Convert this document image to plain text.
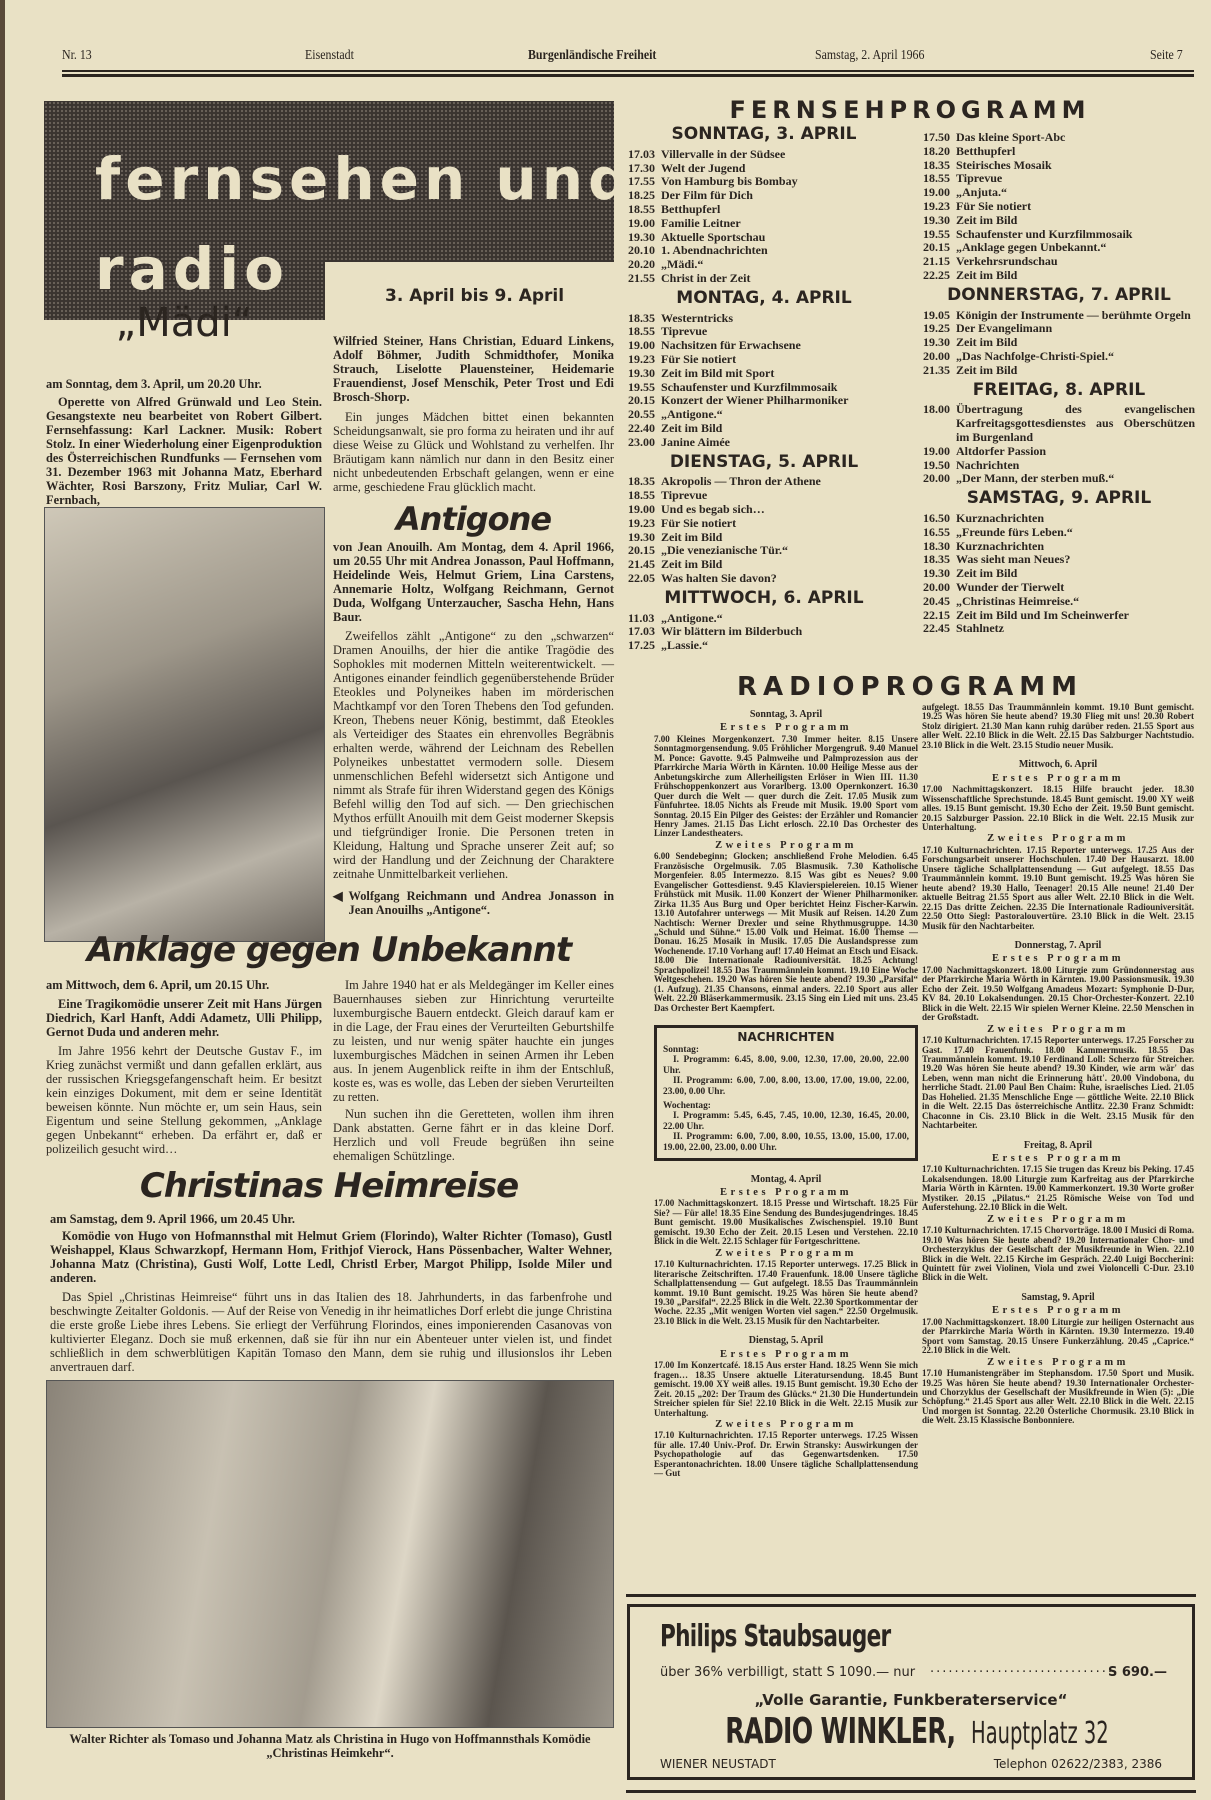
Nr. 13	Eisenstadt	Burgenländische Freiheit	Samstag, 2. April 1966	Seite 7
fernsehen und
radio	3. April bis 9. April
„Mädi“
am Sonntag, dem 3. April, um 20.20 Uhr.

Operette von Alfred Grünwald und Leo Stein. Gesangstexte neu bearbeitet von Robert Gilbert. Fernsehfassung: Karl Lackner. Musik: Robert Stolz. In einer Wiederholung einer Eigenproduktion des Österreichischen Rundfunks — Fernsehen vom 31. Dezember 1963 mit Johanna Matz, Eberhard Wächter, Rosi Barszony, Fritz Muliar, Carl W. Fernbach,

Wilfried Steiner, Hans Christian, Eduard Linkens, Adolf Böhmer, Judith Schmidthofer, Monika Strauch, Liselotte Plauensteiner, Heidemarie Frauendienst, Josef Menschik, Peter Trost und Edi Brosch-Shorp.

Ein junges Mädchen bittet einen bekannten Scheidungsanwalt, sie pro forma zu heiraten und ihr auf diese Weise zu Glück und Wohlstand zu verhelfen. Ihr Bräutigam kann nämlich nur dann in den Besitz einer nicht unbedeutenden Erbschaft gelangen, wenn er eine arme, geschiedene Frau glücklich macht.

Antigone
von Jean Anouilh. Am Montag, dem 4. April 1966, um 20.55 Uhr mit Andrea Jonasson, Paul Hoffmann, Heidelinde Weis, Helmut Griem, Lina Carstens, Annemarie Holtz, Wolfgang Reichmann, Gernot Duda, Wolfgang Unterzaucher, Sascha Hehn, Hans Baur.

Zweifellos zählt „Antigone“ zu den „schwarzen“ Dramen Anouilhs, der hier die antike Tragödie des Sophokles mit modernen Mitteln weiterentwickelt. — Antigones einander feindlich gegenüberstehende Brüder Eteokles und Polyneikes haben im mörderischen Machtkampf vor den Toren Thebens den Tod gefunden. Kreon, Thebens neuer König, bestimmt, daß Eteokles als Verteidiger des Staates ein ehrenvolles Begräbnis erhalten werde, während der Leichnam des Rebellen Polyneikes unbestattet vermodern solle. Diesem unmenschlichen Befehl widersetzt sich Antigone und nimmt als Strafe für ihren Widerstand gegen des Königs Befehl willig den Tod auf sich. — Den griechischen Mythos erfüllt Anouilh mit dem Geist moderner Skepsis und tiefgründiger Ironie. Die Personen treten in Kleidung, Haltung und Sprache unserer Zeit auf; so wird der Handlung und der Zeichnung der Charaktere zeitnahe Unmittelbarkeit verliehen.

◀ Wolfgang Reichmann und Andrea Jonasson in Jean Anouilhs „Antigone“.
Anklage gegen Unbekannt
am Mittwoch, dem 6. April, um 20.15 Uhr.

Eine Tragikomödie unserer Zeit mit Hans Jürgen Diedrich, Karl Hanft, Addi Adametz, Ulli Philipp, Gernot Duda und anderen mehr.

Im Jahre 1956 kehrt der Deutsche Gustav F., im Krieg zunächst vermißt und dann gefallen erklärt, aus der russischen Kriegsgefangenschaft heim. Er besitzt kein einziges Dokument, mit dem er seine Identität beweisen könnte. Nun möchte er, um sein Haus, sein Eigentum und seine Stellung gekommen, „Anklage gegen Unbekannt“ erheben. Da erfährt er, daß er polizeilich gesucht wird…

Im Jahre 1940 hat er als Meldegänger im Keller eines Bauernhauses sieben zur Hinrichtung verurteilte luxemburgische Bauern entdeckt. Gleich darauf kam er in die Lage, der Frau eines der Verurteilten Geburtshilfe zu leisten, und nur wenig später hauchte ein junges luxemburgisches Mädchen in seinen Armen ihr Leben aus. In jenem Augenblick reifte in ihm der Entschluß, koste es, was es wolle, das Leben der sieben Verurteilten zu retten.

Nun suchen ihn die Geretteten, wollen ihm ihren Dank abstatten. Gerne fährt er in das kleine Dorf. Herzlich und voll Freude begrüßen ihn seine ehemaligen Schützlinge.

Christinas Heimreise
am Samstag, dem 9. April 1966, um 20.45 Uhr.

Komödie von Hugo von Hofmannsthal mit Helmut Griem (Florindo), Walter Richter (Tomaso), Gustl Weishappel, Klaus Schwarzkopf, Hermann Hom, Frithjof Vierock, Hans Pössenbacher, Walter Wehner, Johanna Matz (Christina), Gusti Wolf, Lotte Ledl, Christl Erber, Margot Philipp, Isolde Miler und anderen.

Das Spiel „Christinas Heimreise“ führt uns in das Italien des 18. Jahrhunderts, in das farbenfrohe und beschwingte Zeitalter Goldonis. — Auf der Reise von Venedig in ihr heimatliches Dorf erlebt die junge Christina die erste große Liebe ihres Lebens. Sie erliegt der Verführung Florindos, eines imponierenden Casanovas von kultivierter Eleganz. Doch sie muß erkennen, daß sie für ihn nur ein Abenteuer unter vielen ist, und findet schließlich in dem schwerblütigen Kapitän Tomaso den Mann, dem sie ruhig und illusionslos ihr Leben anvertrauen darf.

Walter Richter als Tomaso und Johanna Matz als Christina in Hugo von Hoffmannsthals Komödie „Christinas Heimkehr“.
FERNSEHPROGRAMM
SONNTAG, 3. APRIL
17.03 Villervalle in der Südsee
17.30 Welt der Jugend
17.55 Von Hamburg bis Bombay
18.25 Der Film für Dich
18.55 Betthupferl
19.00 Familie Leitner
19.30 Aktuelle Sportschau
20.10 1. Abendnachrichten
20.20 „Mädi.“
21.55 Christ in der Zeit
MONTAG, 4. APRIL
18.35 Westerntricks
18.55 Tiprevue
19.00 Nachsitzen für Erwachsene
19.23 Für Sie notiert
19.30 Zeit im Bild mit Sport
19.55 Schaufenster und Kurzfilmmosaik
20.15 Konzert der Wiener Philharmoniker
20.55 „Antigone.“
22.40 Zeit im Bild
23.00 Janine Aimée
DIENSTAG, 5. APRIL
18.35 Akropolis — Thron der Athene
18.55 Tiprevue
19.00 Und es begab sich…
19.23 Für Sie notiert
19.30 Zeit im Bild
20.15 „Die venezianische Tür.“
21.45 Zeit im Bild
22.05 Was halten Sie davon?
MITTWOCH, 6. APRIL
11.03 „Antigone.“
17.03 Wir blättern im Bilderbuch
17.25 „Lassie.“
17.50 Das kleine Sport-Abc
18.20 Betthupferl
18.35 Steirisches Mosaik
18.55 Tiprevue
19.00 „Anjuta.“
19.23 Für Sie notiert
19.30 Zeit im Bild
19.55 Schaufenster und Kurzfilmmosaik
20.15 „Anklage gegen Unbekannt.“
21.15 Verkehrsrundschau
22.25 Zeit im Bild
DONNERSTAG, 7. APRIL
19.05 Königin der Instrumente — berühmte Orgeln
19.25 Der Evangelimann
19.30 Zeit im Bild
20.00 „Das Nachfolge-Christi-Spiel.“
21.35 Zeit im Bild
FREITAG, 8. APRIL
18.00 Übertragung des evangelischen Karfreitagsgottesdienstes aus Oberschützen im Burgenland
19.00 Altdorfer Passion
19.50 Nachrichten
20.00 „Der Mann, der sterben muß.“
SAMSTAG, 9. APRIL
16.50 Kurznachrichten
16.55 „Freunde fürs Leben.“
18.30 Kurznachrichten
18.35 Was sieht man Neues?
19.30 Zeit im Bild
20.00 Wunder der Tierwelt
20.45 „Christinas Heimreise.“
22.15 Zeit im Bild und Im Scheinwerfer
22.45 Stahlnetz
RADIOPROGRAMM
Sonntag, 3. April
Erstes Programm
7.00 Kleines Morgenkonzert. 7.30 Immer heiter. 8.15 Unsere Sonntagmorgensendung. 9.05 Fröhlicher Morgengruß. 9.40 Manuel M. Ponce: Gavotte. 9.45 Palmweihe und Palmprozession aus der Pfarrkirche Maria Wörth in Kärnten. 10.00 Heilige Messe aus der Anbetungskirche zum Allerheiligsten Erlöser in Wien III. 11.30 Frühschoppenkonzert aus Vorarlberg. 13.00 Opernkonzert. 16.30 Quer durch die Welt — quer durch die Zeit. 17.05 Musik zum Fünfuhrtee. 18.05 Nichts als Freude mit Musik. 19.00 Sport vom Sonntag. 20.15 Ein Pilger des Geistes: der Erzähler und Romancier Henry James. 21.15 Das Licht erlosch. 22.10 Das Orchester des Linzer Landestheaters.
Zweites Programm
6.00 Sendebeginn; Glocken; anschließend Frohe Melodien. 6.45 Französische Orgelmusik. 7.05 Blasmusik. 7.30 Katholische Morgenfeier. 8.05 Intermezzo. 8.15 Was gibt es Neues? 9.00 Evangelischer Gottesdienst. 9.45 Klavierspielereien. 10.15 Wiener Frühstück mit Musik. 11.00 Konzert der Wiener Philharmoniker. Zirka 11.35 Aus Burg und Oper berichtet Heinz Fischer-Karwin. 13.10 Autofahrer unterwegs — Mit Musik auf Reisen. 14.20 Zum Nachtisch: Werner Drexler und seine Rhythmusgruppe. 14.30 „Schuld und Sühne.“ 15.00 Volk und Heimat. 16.00 Themse — Donau. 16.25 Mosaik in Musik. 17.05 Die Auslandspresse zum Wochenende. 17.10 Vorhang auf! 17.40 Heimat an Etsch und Eisack. 18.00 Die Internationale Radiouniversität. 18.25 Achtung! Sprachpolizei! 18.55 Das Traummännlein kommt. 19.10 Eine Woche Weltgeschehen. 19.20 Was hören Sie heute abend? 19.30 „Parsifal“ (1. Aufzug). 21.35 Chansons, einmal anders. 22.10 Sport aus aller Welt. 22.20 Bläserkammermusik. 23.15 Sing ein Lied mit uns. 23.45 Das Orchester Bert Kaempfert.
NACHRICHTEN
Sonntag:
I. Programm: 6.45, 8.00, 9.00, 12.30, 17.00, 20.00, 22.00 Uhr.
II. Programm: 6.00, 7.00, 8.00, 13.00, 17.00, 19.00, 22.00, 23.00, 0.00 Uhr.
Wochentag:
I. Programm: 5.45, 6.45, 7.45, 10.00, 12.30, 16.45, 20.00, 22.00 Uhr.
II. Programm: 6.00, 7.00, 8.00, 10.55, 13.00, 15.00, 17.00, 19.00, 22.00, 23.00, 0.00 Uhr.
Montag, 4. April
Erstes Programm
17.00 Nachmittagskonzert. 18.15 Presse und Wirtschaft. 18.25 Für Sie? — Für alle! 18.35 Eine Sendung des Bundesjugendringes. 18.45 Bunt gemischt. 19.00 Musikalisches Zwischenspiel. 19.10 Bunt gemischt. 19.30 Echo der Zeit. 20.15 Lesen und Verstehen. 22.10 Blick in die Welt. 22.15 Schlager für Fortgeschrittene.
Zweites Programm
17.10 Kulturnachrichten. 17.15 Reporter unterwegs. 17.25 Blick in literarische Zeitschriften. 17.40 Frauenfunk. 18.00 Unsere tägliche Schallplattensendung — Gut aufgelegt. 18.55 Das Traummännlein kommt. 19.10 Bunt gemischt. 19.25 Was hören Sie heute abend? 19.30 „Parsifal“. 22.25 Blick in die Welt. 22.30 Sportkommentar der Woche. 22.35 „Mit wenigen Worten viel sagen.“ 22.50 Orgelmusik. 23.10 Blick in die Welt. 23.15 Musik für den Nachtarbeiter.
Dienstag, 5. April
Erstes Programm
17.00 Im Konzertcafé. 18.15 Aus erster Hand. 18.25 Wenn Sie mich fragen… 18.35 Unsere aktuelle Literatursendung. 18.45 Bunt gemischt. 19.00 XY weiß alles. 19.15 Bunt gemischt. 19.30 Echo der Zeit. 20.15 „202: Der Traum des Glücks.“ 21.30 Die Hundertundein Streicher spielen für Sie! 22.10 Blick in die Welt. 22.15 Musik zur Unterhaltung.
Zweites Programm
17.10 Kulturnachrichten. 17.15 Reporter unterwegs. 17.25 Wissen für alle. 17.40 Univ.-Prof. Dr. Erwin Stransky: Auswirkungen der Psychopathologie auf das Gegenwartsdenken. 17.50 Esperantonachrichten. 18.00 Unsere tägliche Schallplattensendung — Gut
aufgelegt. 18.55 Das Traummännlein kommt. 19.10 Bunt gemischt. 19.25 Was hören Sie heute abend? 19.30 Flieg mit uns! 20.30 Robert Stolz dirigiert. 21.30 Man kann ruhig darüber reden. 21.55 Sport aus aller Welt. 22.10 Blick in die Welt. 22.15 Das Salzburger Nachtstudio. 23.10 Blick in die Welt. 23.15 Studio neuer Musik.
Mittwoch, 6. April
Erstes Programm
17.00 Nachmittagskonzert. 18.15 Hilfe braucht jeder. 18.30 Wissenschaftliche Sprechstunde. 18.45 Bunt gemischt. 19.00 XY weiß alles. 19.15 Bunt gemischt. 19.30 Echo der Zeit. 19.50 Bunt gemischt. 20.15 Salzburger Passion. 22.10 Blick in die Welt. 22.15 Musik zur Unterhaltung.
Zweites Programm
17.10 Kulturnachrichten. 17.15 Reporter unterwegs. 17.25 Aus der Forschungsarbeit unserer Hochschulen. 17.40 Der Hausarzt. 18.00 Unsere tägliche Schallplattensendung — Gut aufgelegt. 18.55 Das Traummännlein kommt. 19.10 Bunt gemischt. 19.25 Was hören Sie heute abend? 19.30 Hallo, Teenager! 20.15 Alle neune! 21.40 Der aktuelle Beitrag 21.55 Sport aus aller Welt. 22.10 Blick in die Welt. 22.15 Das dritte Zeichen. 22.35 Die Internationale Radiouniversität. 22.50 Otto Siegl: Pastoralouvertüre. 23.10 Blick in die Welt. 23.15 Musik für den Nachtarbeiter.
Donnerstag, 7. April
Erstes Programm
17.00 Nachmittagskonzert. 18.00 Liturgie zum Gründonnerstag aus der Pfarrkirche Maria Wörth in Kärnten. 19.00 Passionsmusik. 19.30 Echo der Zeit. 19.50 Wolfgang Amadeus Mozart: Symphonie D-Dur, KV 84. 20.10 Lokalsendungen. 20.15 Chor-Orchester-Konzert. 22.10 Blick in die Welt. 22.15 Wir spielen Werner Kleine. 22.50 Menschen in der Großstadt.
Zweites Programm
17.10 Kulturnachrichten. 17.15 Reporter unterwegs. 17.25 Forscher zu Gast. 17.40 Frauenfunk. 18.00 Kammermusik. 18.55 Das Traummännlein kommt. 19.10 Ferdinand Loll: Scherzo für Streicher. 19.20 Was hören Sie heute abend? 19.30 Kinder, wie arm wär' das Leben, wenn man nicht die Erinnerung hätt'. 20.00 Vindobona, du herrliche Stadt. 21.00 Paul Ben Chaim: Ruhe, israelisches Lied. 21.05 Das Hohelied. 21.35 Menschliche Enge — göttliche Weite. 22.10 Blick in die Welt. 22.15 Das österreichische Antlitz. 22.30 Franz Schmidt: Chaconne in Cis. 23.10 Blick in die Welt. 23.15 Musik für den Nachtarbeiter.
Freitag, 8. April
Erstes Programm
17.10 Kulturnachrichten. 17.15 Sie trugen das Kreuz bis Peking. 17.45 Lokalsendungen. 18.00 Liturgie zum Karfreitag aus der Pfarrkirche Maria Wörth in Kärnten. 19.00 Kammerkonzert. 19.30 Worte großer Mystiker. 20.15 „Pilatus.“ 21.25 Römische Weise von Tod und Auferstehung. 22.10 Blick in die Welt.
Zweites Programm
17.10 Kulturnachrichten. 17.15 Chorvorträge. 18.00 I Musici di Roma. 19.10 Was hören Sie heute abend? 19.20 Internationaler Chor- und Orchesterzyklus der Gesellschaft der Musikfreunde in Wien. 22.10 Blick in die Welt. 22.15 Kirche im Gespräch. 22.40 Luigi Boccherini: Quintett für zwei Violinen, Viola und zwei Violoncelli C-Dur. 23.10 Blick in die Welt.
Samstag, 9. April
Erstes Programm
17.00 Nachmittagskonzert. 18.00 Liturgie zur heiligen Osternacht aus der Pfarrkirche Maria Wörth in Kärnten. 19.30 Intermezzo. 19.40 Sport vom Samstag. 20.15 Unsere Funkerzählung. 20.45 „Caprice.“ 22.10 Blick in die Welt.
Zweites Programm
17.10 Humanistengräber im Stephansdom. 17.50 Sport und Musik. 19.25 Was hören Sie heute abend? 19.30 Internationaler Orchester- und Chorzyklus der Gesellschaft der Musikfreunde in Wien (5): „Die Schöpfung.“ 21.45 Sport aus aller Welt. 22.10 Blick in die Welt. 22.15 Und morgen ist Sonntag. 22.20 Österliche Chormusik. 23.10 Blick in die Welt. 23.15 Klassische Bonbonniere.
Philips Staubsauger
über 36% verbilligt, statt S 1090.— nur ······························
S 690.—
„Volle Garantie, Funkberaterservice“
RADIO WINKLER, Hauptplatz 32
WIENER NEUSTADT	Telephon 02622/2383, 2386
